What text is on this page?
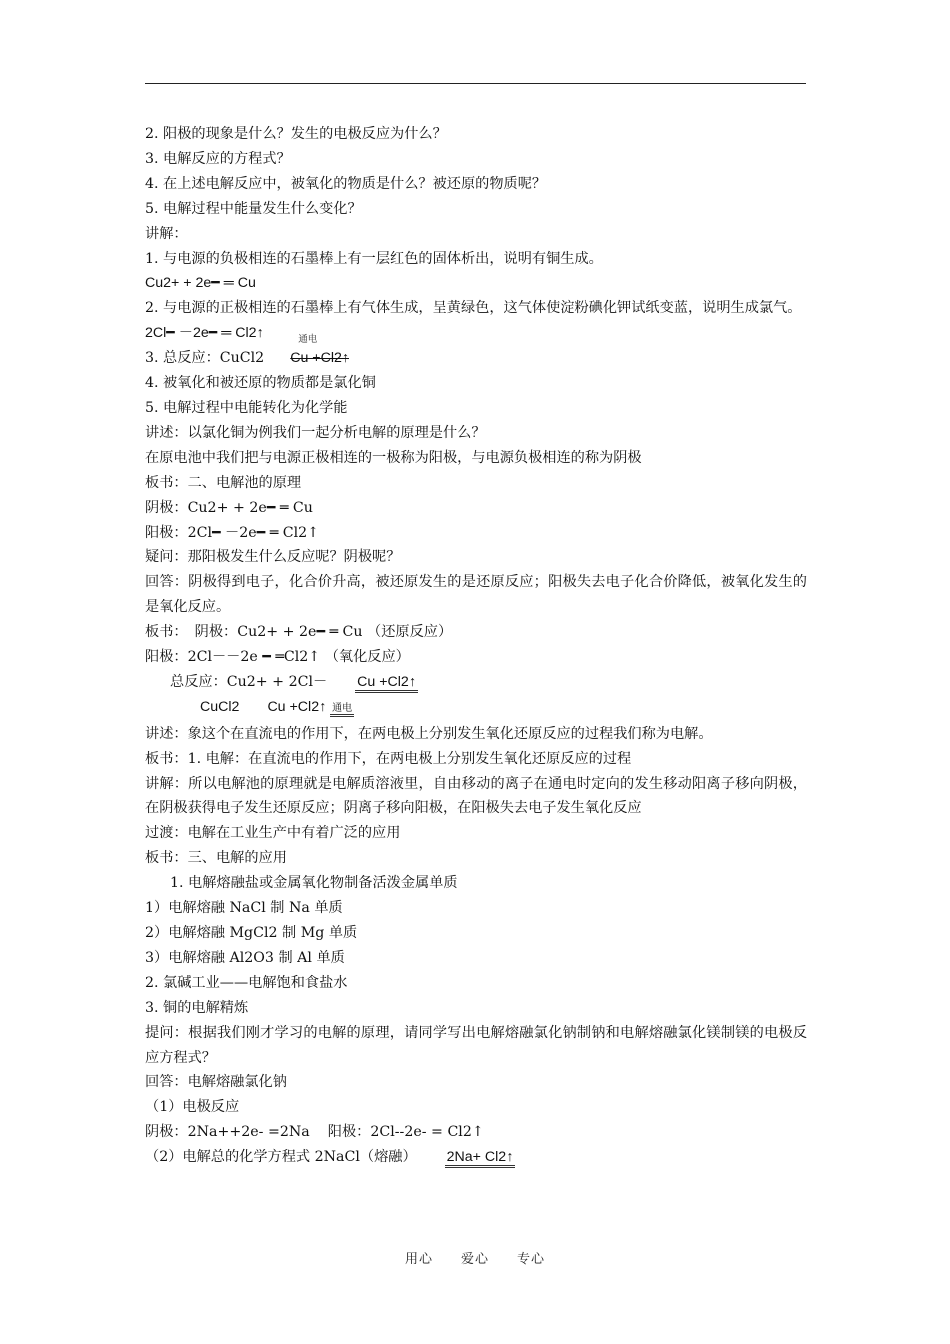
2. 阳极的现象是什么？发生的电极反应为什么？
3. 电解反应的方程式？
4. 在上述电解反应中，被氧化的物质是什么？被还原的物质呢？
5. 电解过程中能量发生什么变化？
讲解：
1. 与电源的负极相连的石墨棒上有一层红色的固体析出，说明有铜生成。
Cu2+ + 2e━ ═ Cu
2. 与电源的正极相连的石墨棒上有气体生成，呈黄绿色，这气体使淀粉碘化钾试纸变蓝，说明生成氯气。
2Cl━ －2e━ ═ Cl2↑
3. 总反应：CuCl2
通电
Cu +Cl2↑
4. 被氧化和被还原的物质都是氯化铜
5. 电解过程中电能转化为化学能
讲述：以氯化铜为例我们一起分析电解的原理是什么？
在原电池中我们把与电源正极相连的一极称为阳极，与电源负极相连的称为阴极
板书：二、电解池的原理
阴极：Cu2+ + 2e━ ═ Cu
阳极：2Cl━ －2e━ ═ Cl2↑
疑问：那阳极发生什么反应呢？阴极呢？
回答：阴极得到电子，化合价升高，被还原发生的是还原反应；阳极失去电子化合价降低，被氧化发生的是氧化反应。
板书：　阴极：Cu2+ + 2e━ ═ Cu （还原反应）
阳极：2Cl－－2e ━ ═Cl2↑ （氧化反应）
总反应：Cu2+ + 2Cl－ Cu +Cl2↑
CuCl2 Cu +Cl2↑ 通电
讲述：象这个在直流电的作用下，在两电极上分别发生氧化还原反应的过程我们称为电解。
板书：1. 电解：在直流电的作用下，在两电极上分别发生氧化还原反应的过程
讲解：所以电解池的原理就是电解质溶液里，自由移动的离子在通电时定向的发生移动阳离子移向阴极，在阴极获得电子发生还原反应；阴离子移向阳极，在阳极失去电子发生氧化反应
过渡：电解在工业生产中有着广泛的应用
板书：三、电解的应用
1. 电解熔融盐或金属氧化物制备活泼金属单质
1）电解熔融 NaCl 制 Na 单质
2）电解熔融 MgCl2 制 Mg 单质
3）电解熔融 Al2O3 制 Al 单质
2. 氯碱工业——电解饱和食盐水
3. 铜的电解精炼
提问：根据我们刚才学习的电解的原理，请同学写出电解熔融氯化钠制钠和电解熔融氯化镁制镁的电极反应方程式？
回答：电解熔融氯化钠
（1）电极反应
阴极：2Na++2e- =2Na 阳极：2Cl--2e- = Cl2↑
（2）电解总的化学方程式 2NaCl（熔融） 2Na+ Cl2↑
用心　　爱心　　专心
